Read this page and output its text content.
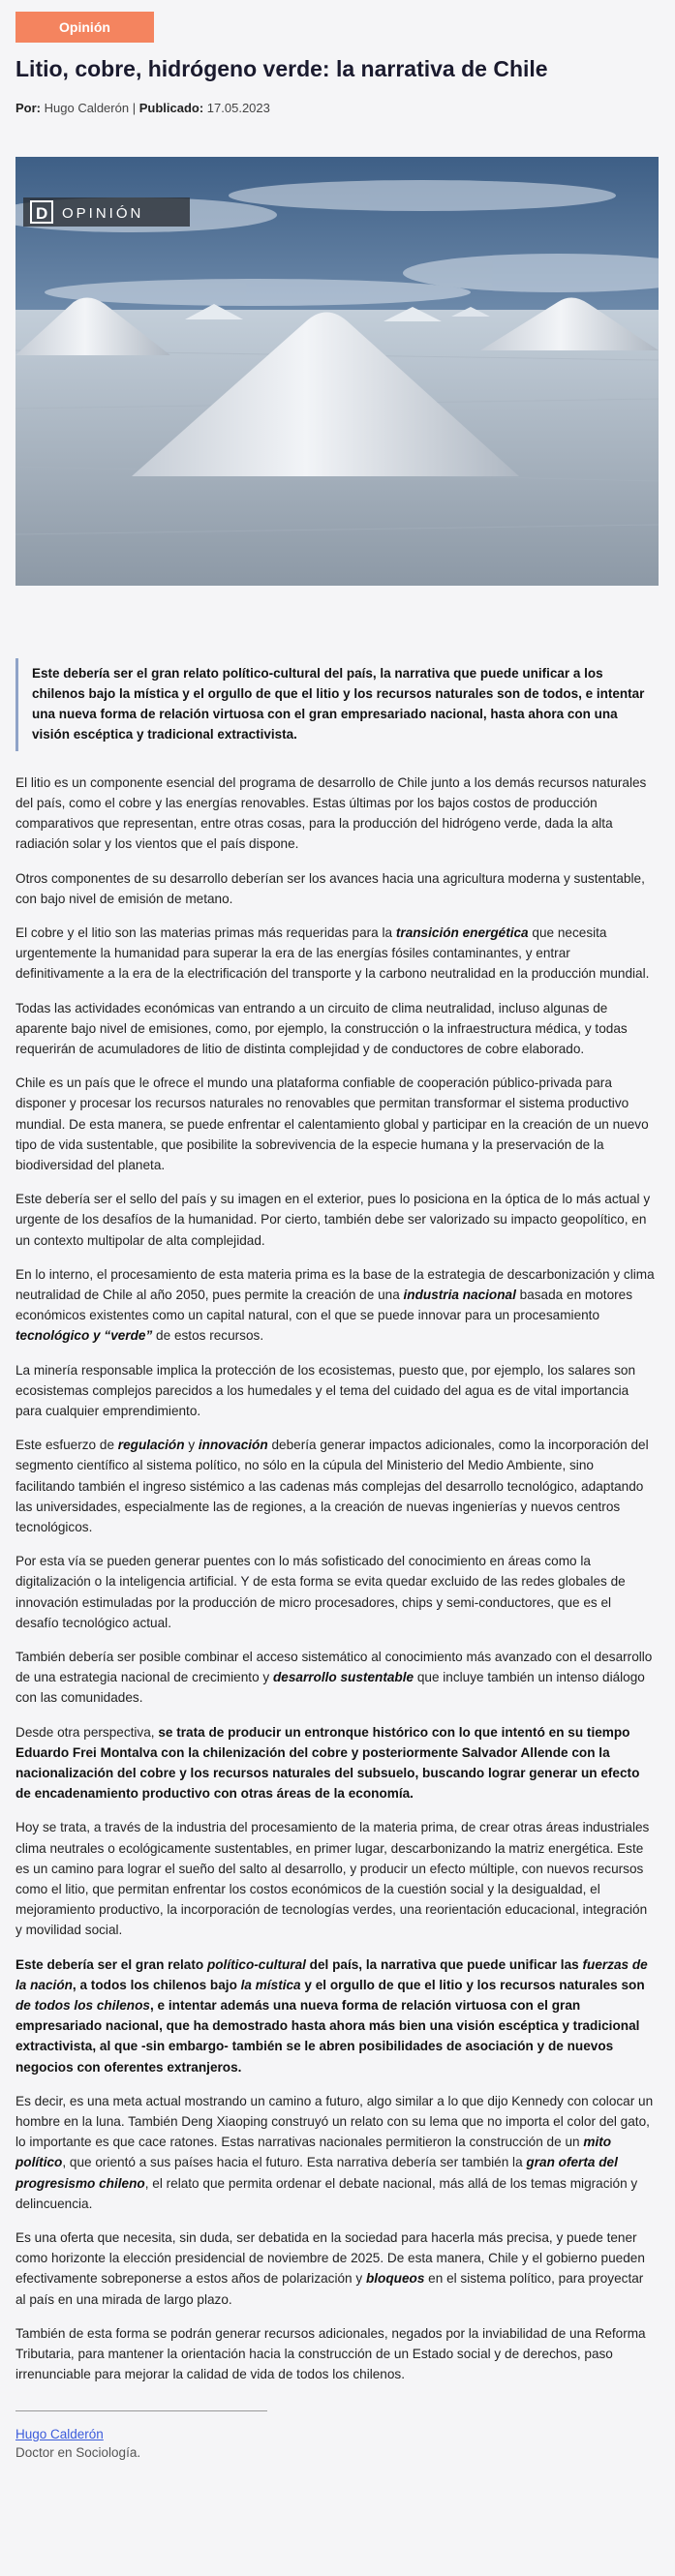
Opinión
Litio, cobre, hidrógeno verde: la narrativa de Chile
Por: Hugo Calderón | Publicado: 17.05.2023
D OPINIÓN

Este debería ser el gran relato político-cultural del país, la narrativa que puede unificar a los chilenos bajo la mística y el orgullo de que el litio y los recursos naturales son de todos, e intentar una nueva forma de relación virtuosa con el gran empresariado nacional, hasta ahora con una visión escéptica y tradicional extractivista.

El litio es un componente esencial del programa de desarrollo de Chile junto a los demás recursos naturales del país, como el cobre y las energías renovables. Estas últimas por los bajos costos de producción comparativos que representan, entre otras cosas, para la producción del hidrógeno verde, dada la alta radiación solar y los vientos que el país dispone.

Otros componentes de su desarrollo deberían ser los avances hacia una agricultura moderna y sustentable, con bajo nivel de emisión de metano.

El cobre y el litio son las materias primas más requeridas para la transición energética que necesita urgentemente la humanidad para superar la era de las energías fósiles contaminantes, y entrar definitivamente a la era de la electrificación del transporte y la carbono neutralidad en la producción mundial.

Todas las actividades económicas van entrando a un circuito de clima neutralidad, incluso algunas de aparente bajo nivel de emisiones, como, por ejemplo, la construcción o la infraestructura médica, y todas requerirán de acumuladores de litio de distinta complejidad y de conductores de cobre elaborado.

Chile es un país que le ofrece el mundo una plataforma confiable de cooperación público-privada para disponer y procesar los recursos naturales no renovables que permitan transformar el sistema productivo mundial. De esta manera, se puede enfrentar el calentamiento global y participar en la creación de un nuevo tipo de vida sustentable, que posibilite la sobrevivencia de la especie humana y la preservación de la biodiversidad del planeta.

Este debería ser el sello del país y su imagen en el exterior, pues lo posiciona en la óptica de lo más actual y urgente de los desafíos de la humanidad. Por cierto, también debe ser valorizado su impacto geopolítico, en un contexto multipolar de alta complejidad.

En lo interno, el procesamiento de esta materia prima es la base de la estrategia de descarbonización y clima neutralidad de Chile al año 2050, pues permite la creación de una industria nacional basada en motores económicos existentes como un capital natural, con el que se puede innovar para un procesamiento tecnológico y “verde” de estos recursos.

La minería responsable implica la protección de los ecosistemas, puesto que, por ejemplo, los salares son ecosistemas complejos parecidos a los humedales y el tema del cuidado del agua es de vital importancia para cualquier emprendimiento.

Este esfuerzo de regulación y innovación debería generar impactos adicionales, como la incorporación del segmento científico al sistema político, no sólo en la cúpula del Ministerio del Medio Ambiente, sino facilitando también el ingreso sistémico a las cadenas más complejas del desarrollo tecnológico, adaptando las universidades, especialmente las de regiones, a la creación de nuevas ingenierías y nuevos centros tecnológicos.

Por esta vía se pueden generar puentes con lo más sofisticado del conocimiento en áreas como la digitalización o la inteligencia artificial. Y de esta forma se evita quedar excluido de las redes globales de innovación estimuladas por la producción de micro procesadores, chips y semi-conductores, que es el desafío tecnológico actual.

También debería ser posible combinar el acceso sistemático al conocimiento más avanzado con el desarrollo de una estrategia nacional de crecimiento y desarrollo sustentable que incluye también un intenso diálogo con las comunidades.

Desde otra perspectiva, se trata de producir un entronque histórico con lo que intentó en su tiempo Eduardo Frei Montalva con la chilenización del cobre y posteriormente Salvador Allende con la nacionalización del cobre y los recursos naturales del subsuelo, buscando lograr generar un efecto de encadenamiento productivo con otras áreas de la economía.

Hoy se trata, a través de la industria del procesamiento de la materia prima, de crear otras áreas industriales clima neutrales o ecológicamente sustentables, en primer lugar, descarbonizando la matriz energética. Este es un camino para lograr el sueño del salto al desarrollo, y producir un efecto múltiple, con nuevos recursos como el litio, que permitan enfrentar los costos económicos de la cuestión social y la desigualdad, el mejoramiento productivo, la incorporación de tecnologías verdes, una reorientación educacional, integración y movilidad social.

Este debería ser el gran relato político-cultural del país, la narrativa que puede unificar las fuerzas de la nación, a todos los chilenos bajo la mística y el orgullo de que el litio y los recursos naturales son de todos los chilenos, e intentar además una nueva forma de relación virtuosa con el gran empresariado nacional, que ha demostrado hasta ahora más bien una visión escéptica y tradicional extractivista, al que -sin embargo- también se le abren posibilidades de asociación y de nuevos negocios con oferentes extranjeros.

Es decir, es una meta actual mostrando un camino a futuro, algo similar a lo que dijo Kennedy con colocar un hombre en la luna. También Deng Xiaoping construyó un relato con su lema que no importa el color del gato, lo importante es que cace ratones. Estas narrativas nacionales permitieron la construcción de un mito político, que orientó a sus países hacia el futuro. Esta narrativa debería ser también la gran oferta del progresismo chileno, el relato que permita ordenar el debate nacional, más allá de los temas migración y delincuencia.

Es una oferta que necesita, sin duda, ser debatida en la sociedad para hacerla más precisa, y puede tener como horizonte la elección presidencial de noviembre de 2025. De esta manera, Chile y el gobierno pueden efectivamente sobreponerse a estos años de polarización y bloqueos en el sistema político, para proyectar al país en una mirada de largo plazo.

También de esta forma se podrán generar recursos adicionales, negados por la inviabilidad de una Reforma Tributaria, para mantener la orientación hacia la construcción de un Estado social y de derechos, paso irrenunciable para mejorar la calidad de vida de todos los chilenos.

Hugo Calderón
Doctor en Sociología.
